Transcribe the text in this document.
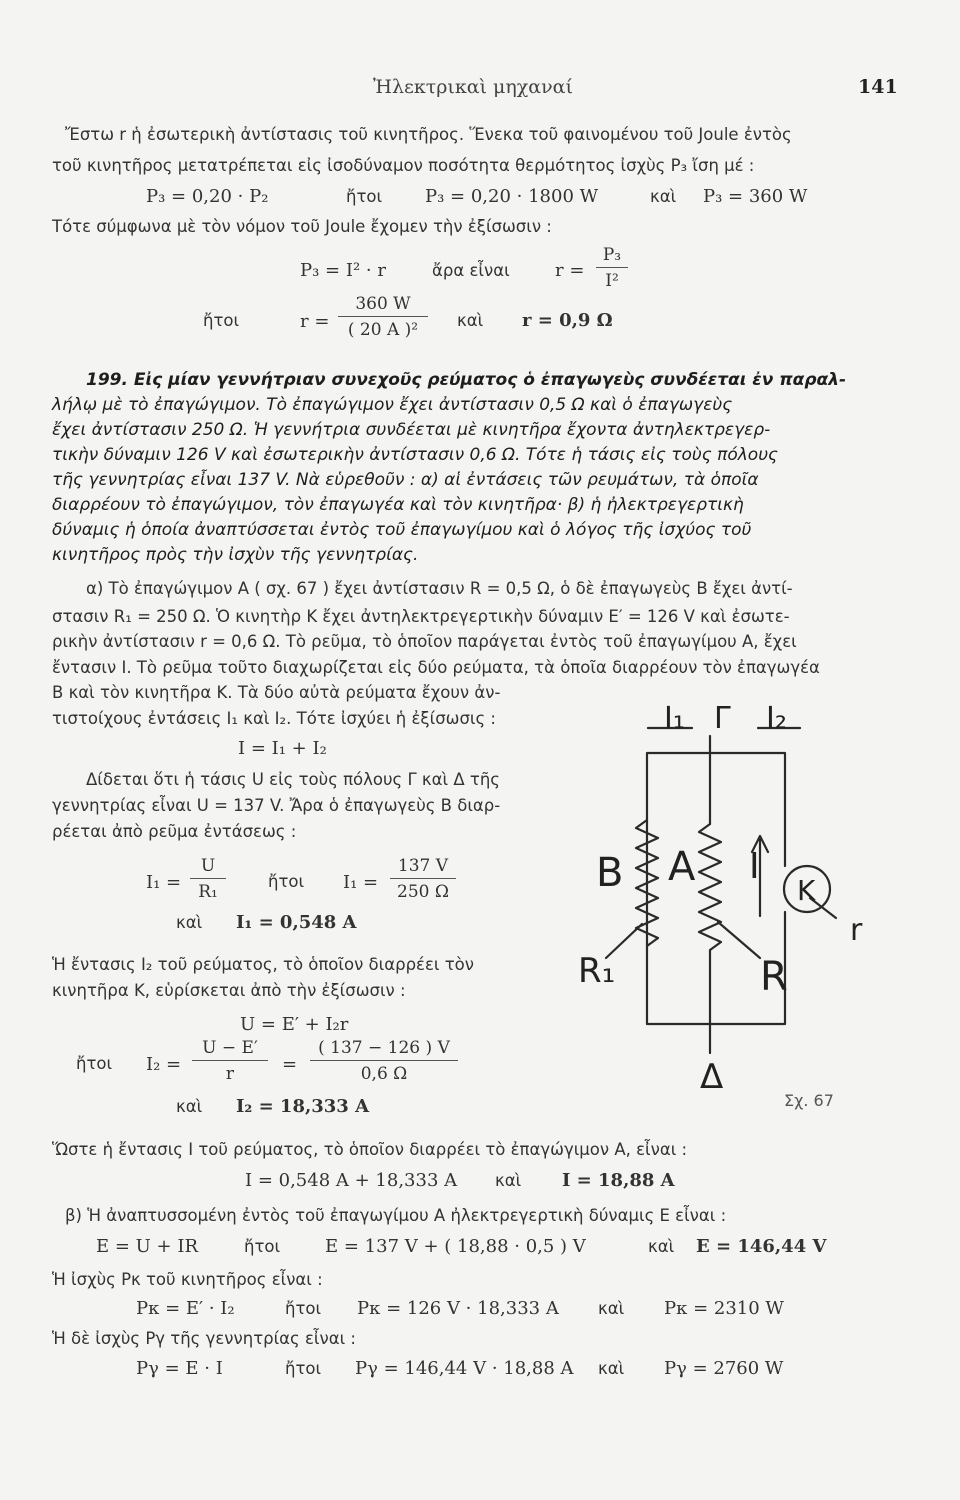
Ἠλεκτρικαὶ μηχαναί	141
Ἔστω r ἡ ἐσωτερικὴ ἀντίστασις τοῦ κινητῆρος. Ἕνεκα τοῦ φαινομένου τοῦ Joule ἐντὸς
τοῦ κινητῆρος μετατρέπεται εἰς ἰσοδύναμον ποσότητα θερμότητος ἰσχὺς P₃ ἴση μέ :
P₃ = 0,20 · P₂	ἤτοι P₃ = 0,20 · 1800 W	καὶ P₃ = 360 W
Τότε σύμφωνα μὲ τὸν νόμον τοῦ Joule ἔχομεν τὴν ἐξίσωσιν :
P₃ = I² · r	ἄρα εἶναι	$r = \frac{\text{P₃}}{\text{I²}}$
ἤτοι	$r = \frac{360 W}{\text{( 20 A )²}}$ καὶ r = 0,9 Ω
199. Εἰς μίαν γεννήτριαν συνεχοῦς ρεύματος ὁ ἐπαγωγεὺς συνδέεται ἐν παραλ-
λήλῳ μὲ τὸ ἐπαγώγιμον. Τὸ ἐπαγώγιμον ἔχει ἀντίστασιν 0,5 Ω καὶ ὁ ἐπαγωγεὺς
ἔχει ἀντίστασιν 250 Ω. Ἡ γεννήτρια συνδέεται μὲ κινητῆρα ἔχοντα ἀντηλεκτρεγερ-
τικὴν δύναμιν 126 V καὶ ἐσωτερικὴν ἀντίστασιν 0,6 Ω. Τότε ἡ τάσις εἰς τοὺς πόλους
τῆς γεννητρίας εἶναι 137 V. Νὰ εὑρεθοῦν : α) αἱ ἐντάσεις τῶν ρευμάτων, τὰ ὁποῖα
διαρρέουν τὸ ἐπαγώγιμον, τὸν ἐπαγωγέα καὶ τὸν κινητῆρα· β) ἡ ἠλεκτρεγερτικὴ
δύναμις ἡ ὁποία ἀναπτύσσεται ἐντὸς τοῦ ἐπαγωγίμου καὶ ὁ λόγος τῆς ἰσχύος τοῦ
κινητῆρος πρὸς τὴν ἰσχὺν τῆς γεννητρίας.
α) Τὸ ἐπαγώγιμον A ( σχ. 67 ) ἔχει ἀντίστασιν R = 0,5 Ω, ὁ δὲ ἐπαγωγεὺς B ἔχει ἀντί-
στασιν R₁ = 250 Ω. Ὁ κινητὴρ K ἔχει ἀντηλεκτρεγερτικὴν δύναμιν E′ = 126 V καὶ ἐσωτε-
ρικὴν ἀντίστασιν r = 0,6 Ω. Τὸ ρεῦμα, τὸ ὁποῖον παράγεται ἐντὸς τοῦ ἐπαγωγίμου A, ἔχει
ἔντασιν I. Τὸ ρεῦμα τοῦτο διαχωρίζεται εἰς δύο ρεύματα, τὰ ὁποῖα διαρρέουν τὸν ἐπαγωγέα
B καὶ τὸν κινητῆρα K. Τὰ δύο αὐτὰ ρεύματα ἔχουν ἀν-
τιστοίχους ἐντάσεις I₁ καὶ I₂. Τότε ἰσχύει ἡ ἐξίσωσις :
I = I₁ + I₂
Δίδεται ὅτι ἡ τάσις U εἰς τοὺς πόλους Γ καὶ Δ τῆς
γεννητρίας εἶναι U = 137 V. Ἄρα ὁ ἐπαγωγεὺς B διαρ-
ρέεται ἀπὸ ρεῦμα ἐντάσεως :
$I_1 = \frac{U}{\text{R₁}}$	ἤτοι $I_1 = \frac{137 V}{250 \Omega}$
καὶ I₁ = 0,548 A
Ἡ ἔντασις I₂ τοῦ ρεύματος, τὸ ὁποῖον διαρρέει τὸν
κινητῆρα K, εὑρίσκεται ἀπὸ τὴν ἐξίσωσιν :
U = E′ + I₂r
ἤτοι $I_2 = \frac{U - E'}{r} = \frac{( 137 - 126 ) V}{0,6 \Omega}$
καὶ I₂ = 18,333 A
Ὥστε ἡ ἔντασις I τοῦ ρεύματος, τὸ ὁποῖον διαρρέει τὸ ἐπαγώγιμον A, εἶναι :
I = 0,548 A + 18,333 A καὶ I = 18,88 A
β) Ἡ ἀναπτυσσομένη ἐντὸς τοῦ ἐπαγωγίμου A ἠλεκτρεγερτικὴ δύναμις E εἶναι :
E = U + IR	ἤτοι E = 137 V + ( 18,88 · 0,5 ) V	καὶ E = 146,44 V
Ἡ ἰσχὺς Pκ τοῦ κινητῆρος εἶναι :
Pκ = E′ · I₂	ἤτοι Pκ = 126 V · 18,333 A καὶ Pκ = 2310 W
Ἡ δὲ ἰσχὺς Pγ τῆς γεννητρίας εἶναι :
Pγ = E · I	ἤτοι Pγ = 146,44 V · 18,88 A καὶ Pγ = 2760 W
I₁ Γ I₂
B A I
K
r
R₁	R
Δ
Σχ. 67
